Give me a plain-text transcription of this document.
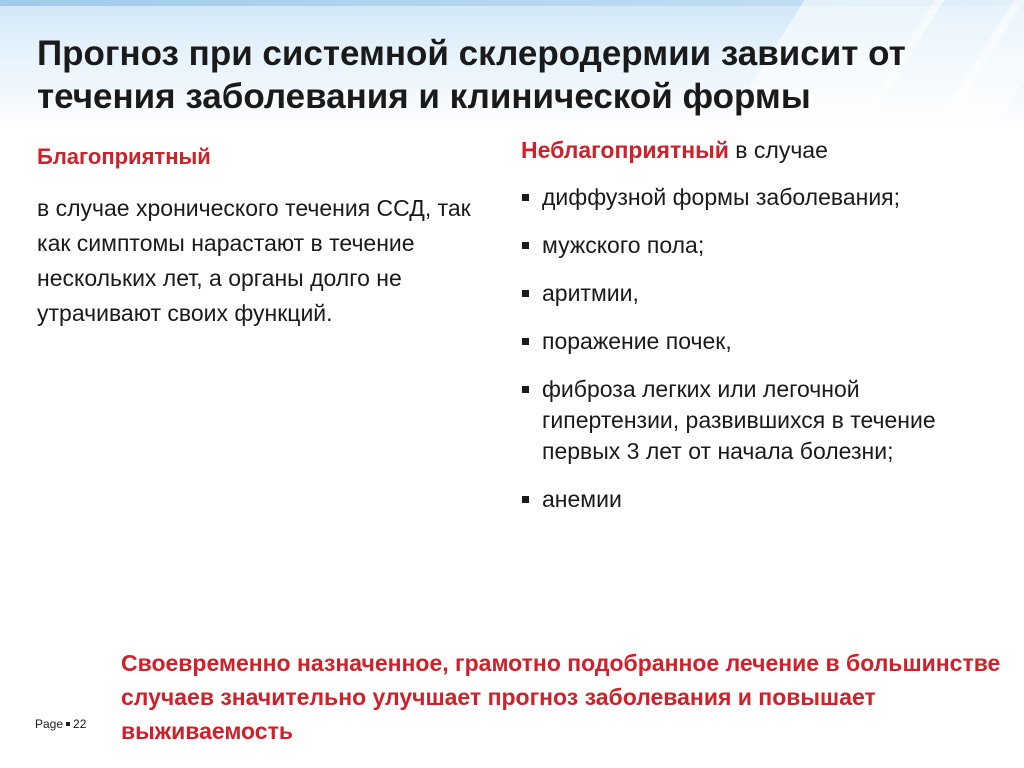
Прогноз при системной склеродермии зависит от течения заболевания и клинической формы
Благоприятный

в случае хронического течения ССД, так как симптомы нарастают в течение нескольких лет, а органы долго не утрачивают своих функций.

Неблагоприятный в случае

диффузной формы заболевания;
мужского пола;
аритмии,
поражение почек,
фиброза легких или легочной гипертензии, развившихся в течение первых 3 лет от начала болезни;
анемии

Своевременно назначенное, грамотно подобранное лечение в большинстве случаев значительно улучшает прогноз заболевания и повышает выживаемость

Page 22
